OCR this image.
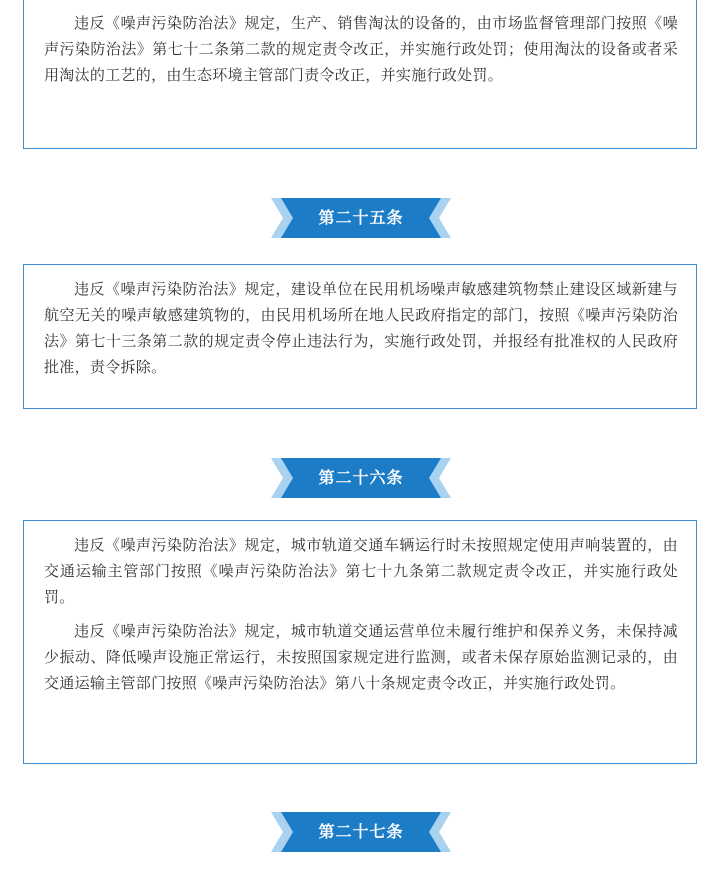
违反《噪声污染防治法》规定，生产、销售淘汰的设备的，由市场监督管理部门按照《噪声污染防治法》第七十二条第二款的规定责令改正，并实施行政处罚；使用淘汰的设备或者采用淘汰的工艺的，由生态环境主管部门责令改正，并实施行政处罚。

第二十五条

违反《噪声污染防治法》规定，建设单位在民用机场噪声敏感建筑物禁止建设区域新建与航空无关的噪声敏感建筑物的，由民用机场所在地人民政府指定的部门，按照《噪声污染防治法》第七十三条第二款的规定责令停止违法行为，实施行政处罚，并报经有批准权的人民政府批准，责令拆除。

第二十六条

违反《噪声污染防治法》规定，城市轨道交通车辆运行时未按照规定使用声响装置的，由交通运输主管部门按照《噪声污染防治法》第七十九条第二款规定责令改正，并实施行政处罚。

违反《噪声污染防治法》规定，城市轨道交通运营单位未履行维护和保养义务，未保持减少振动、降低噪声设施正常运行，未按照国家规定进行监测，或者未保存原始监测记录的，由交通运输主管部门按照《噪声污染防治法》第八十条规定责令改正，并实施行政处罚。

第二十七条
